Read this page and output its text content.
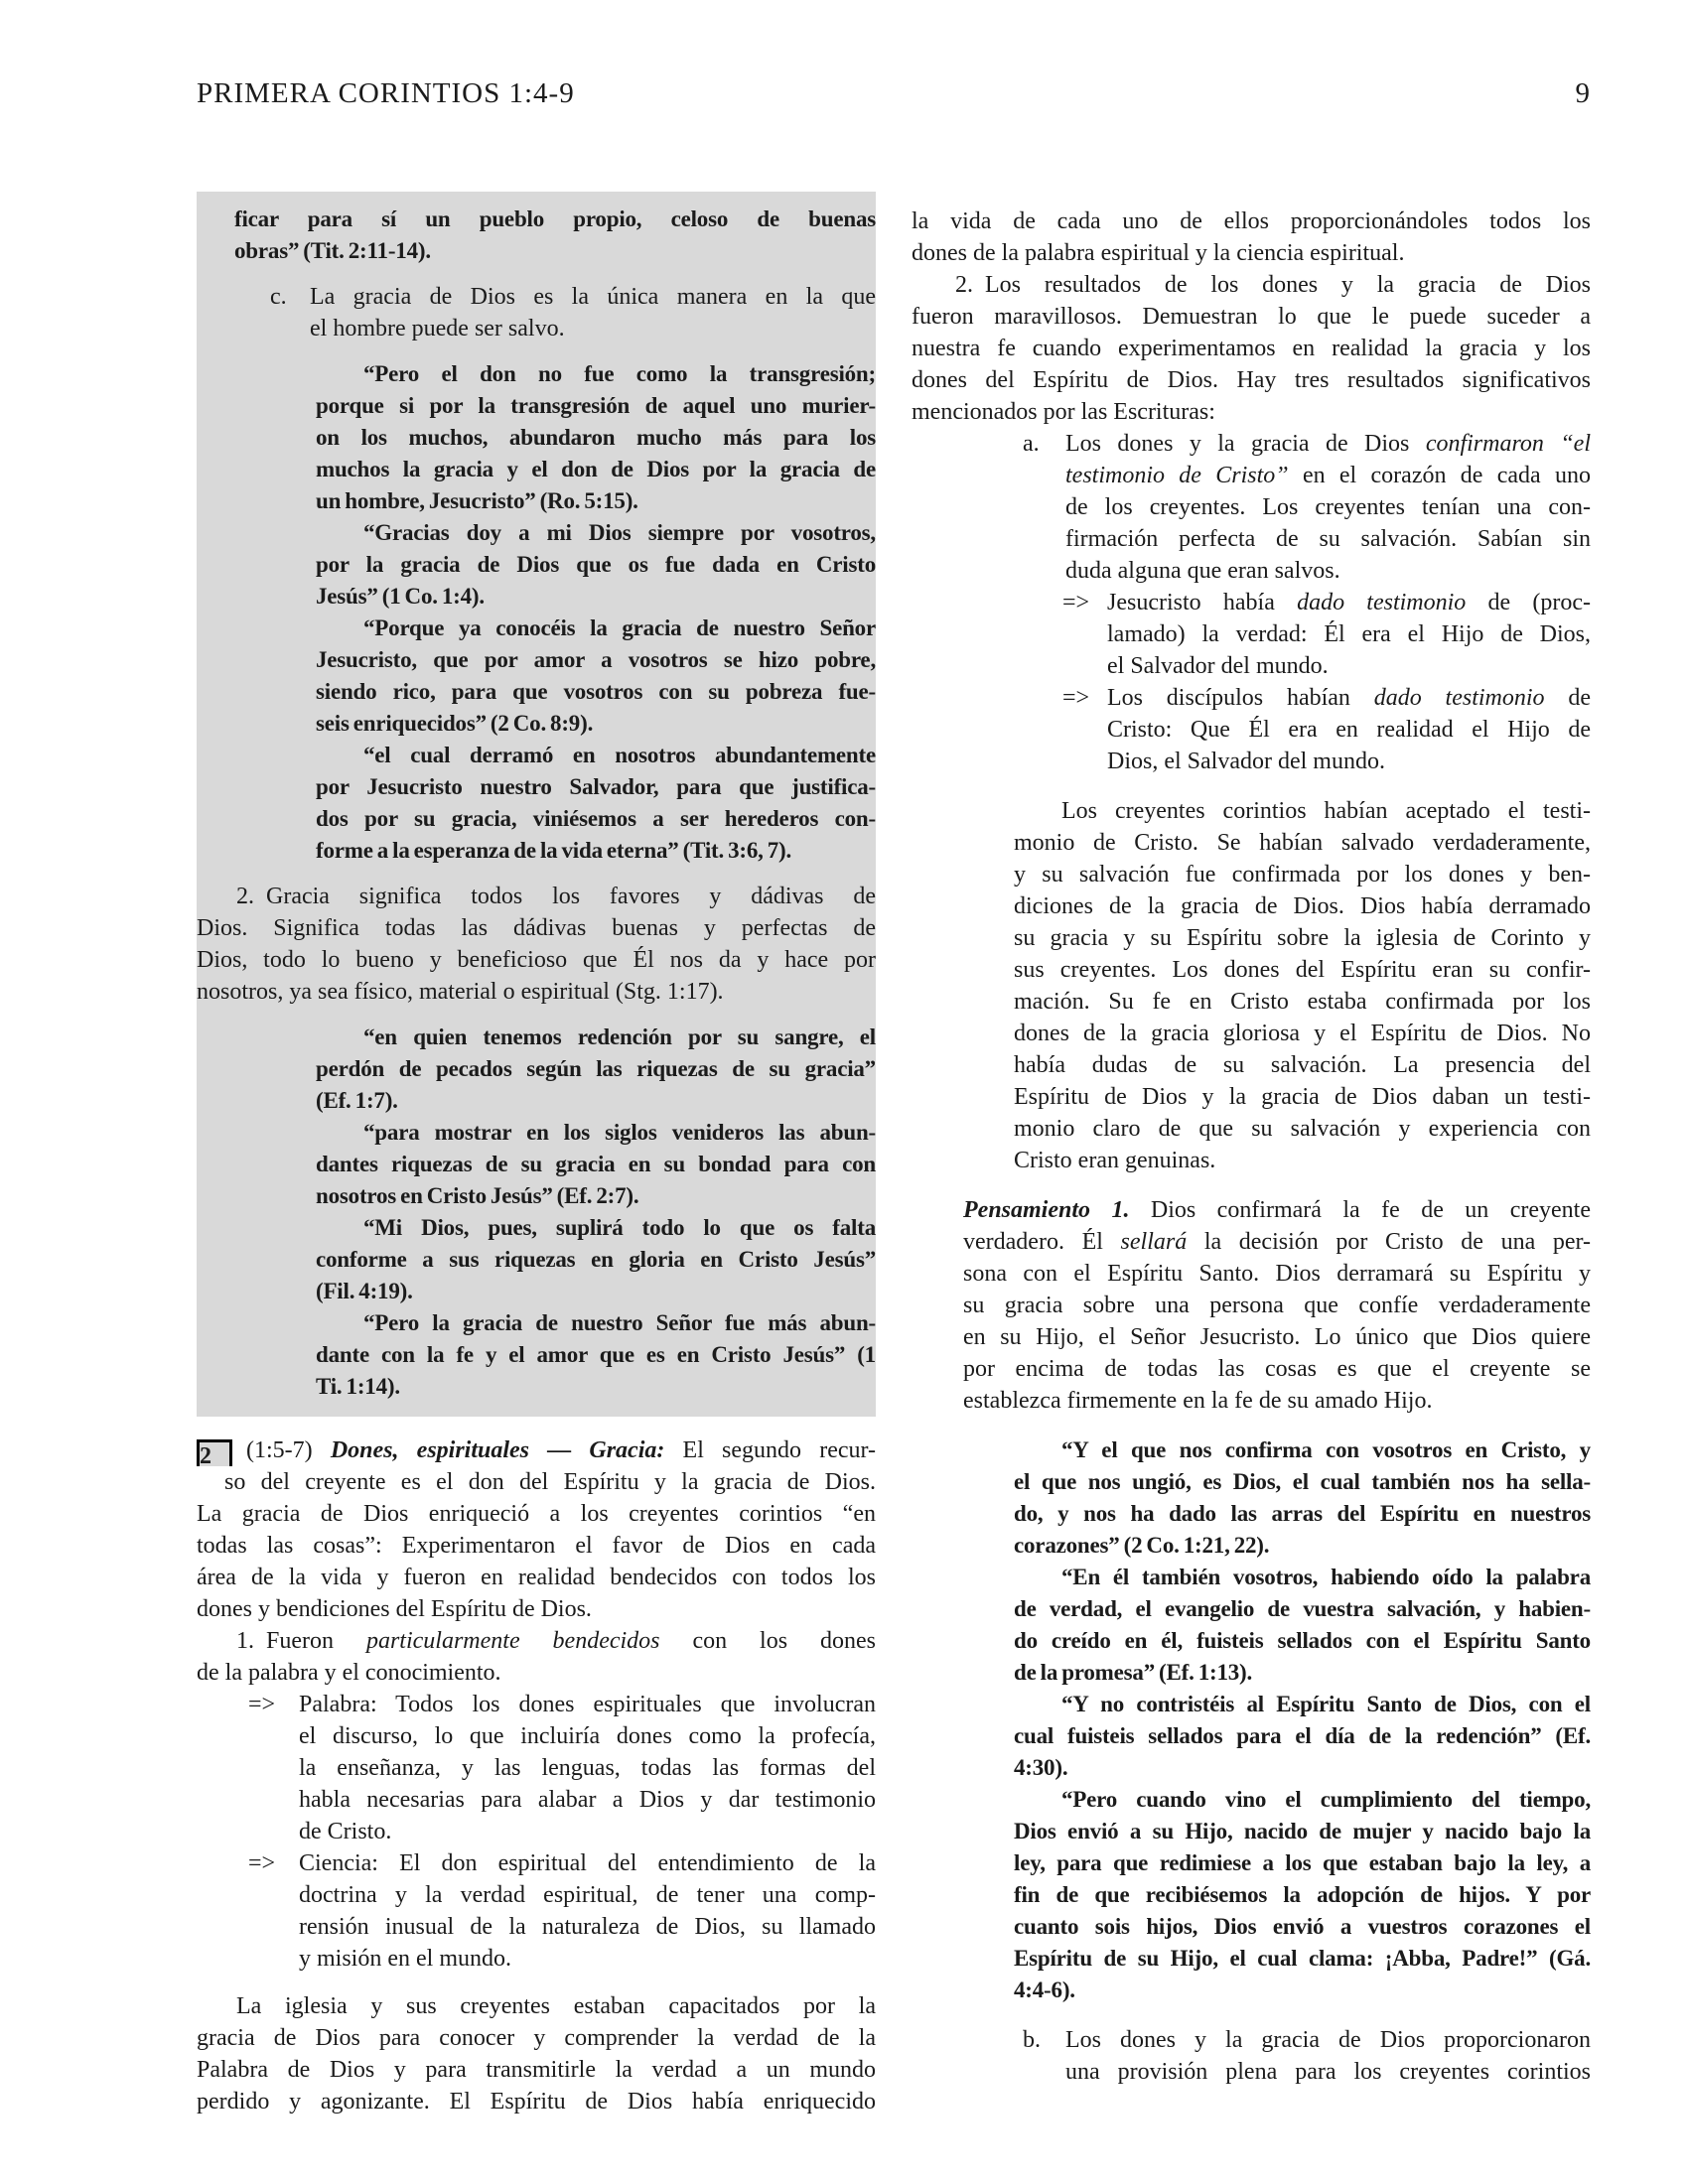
PRIMERA CORINTIOS 1:4-9	9
ficar para sí un pueblo propio, celoso de buenas
obras” (Tit. 2:11-14).
c. La gracia de Dios es la única manera en la que
el hombre puede ser salvo.
“Pero el don no fue como la transgresión;
porque si por la transgresión de aquel uno murier-
on los muchos, abundaron mucho más para los
muchos la gracia y el don de Dios por la gracia de
un hombre, Jesucristo” (Ro. 5:15).
“Gracias doy a mi Dios siempre por vosotros,
por la gracia de Dios que os fue dada en Cristo
Jesús” (1 Co. 1:4).
“Porque ya conocéis la gracia de nuestro Señor
Jesucristo, que por amor a vosotros se hizo pobre,
siendo rico, para que vosotros con su pobreza fue-
seis enriquecidos” (2 Co. 8:9).
“el cual derramó en nosotros abundantemente
por Jesucristo nuestro Salvador, para que justifica-
dos por su gracia, viniésemos a ser herederos con-
forme a la esperanza de la vida eterna” (Tit. 3:6, 7).
2. Gracia significa todos los favores y dádivas de
Dios. Significa todas las dádivas buenas y perfectas de
Dios, todo lo bueno y beneficioso que Él nos da y hace por
nosotros, ya sea físico, material o espiritual (Stg. 1:17).
“en quien tenemos redención por su sangre, el
perdón de pecados según las riquezas de su gracia”
(Ef. 1:7).
“para mostrar en los siglos venideros las abun-
dantes riquezas de su gracia en su bondad para con
nosotros en Cristo Jesús” (Ef. 2:7).
“Mi Dios, pues, suplirá todo lo que os falta
conforme a sus riquezas en gloria en Cristo Jesús”
(Fil. 4:19).
“Pero la gracia de nuestro Señor fue más abun-
dante con la fe y el amor que es en Cristo Jesús” (1
Ti. 1:14).
2 (1:5-7) Dones, espirituales — Gracia: El segundo recur-
so del creyente es el don del Espíritu y la gracia de Dios.
La gracia de Dios enriqueció a los creyentes corintios “en
todas las cosas”: Experimentaron el favor de Dios en cada
área de la vida y fueron en realidad bendecidos con todos los
dones y bendiciones del Espíritu de Dios.
1. Fueron particularmente bendecidos con los dones
de la palabra y el conocimiento.
=> Palabra: Todos los dones espirituales que involucran
el discurso, lo que incluiría dones como la profecía,
la enseñanza, y las lenguas, todas las formas del
habla necesarias para alabar a Dios y dar testimonio
de Cristo.
=> Ciencia: El don espiritual del entendimiento de la
doctrina y la verdad espiritual, de tener una comp-
rensión inusual de la naturaleza de Dios, su llamado
y misión en el mundo.
La iglesia y sus creyentes estaban capacitados por la
gracia de Dios para conocer y comprender la verdad de la
Palabra de Dios y para transmitirle la verdad a un mundo
perdido y agonizante. El Espíritu de Dios había enriquecido
la vida de cada uno de ellos proporcionándoles todos los
dones de la palabra espiritual y la ciencia espiritual.
2. Los resultados de los dones y la gracia de Dios
fueron maravillosos. Demuestran lo que le puede suceder a
nuestra fe cuando experimentamos en realidad la gracia y los
dones del Espíritu de Dios. Hay tres resultados significativos
mencionados por las Escrituras:
a.	Los dones y la gracia de Dios confirmaron “el
testimonio de Cristo” en el corazón de cada uno
de los creyentes. Los creyentes tenían una con-
firmación perfecta de su salvación. Sabían sin
duda alguna que eran salvos.
=> Jesucristo había dado testimonio de (proc-
lamado) la verdad: Él era el Hijo de Dios,
el Salvador del mundo.
=> Los discípulos habían dado testimonio de
Cristo: Que Él era en realidad el Hijo de
Dios, el Salvador del mundo.
Los creyentes corintios habían aceptado el testi-
monio de Cristo. Se habían salvado verdaderamente,
y su salvación fue confirmada por los dones y ben-
diciones de la gracia de Dios. Dios había derramado
su gracia y su Espíritu sobre la iglesia de Corinto y
sus creyentes. Los dones del Espíritu eran su confir-
mación. Su fe en Cristo estaba confirmada por los
dones de la gracia gloriosa y el Espíritu de Dios. No
había dudas de su salvación. La presencia del
Espíritu de Dios y la gracia de Dios daban un testi-
monio claro de que su salvación y experiencia con
Cristo eran genuinas.
Pensamiento 1. Dios confirmará la fe de un creyente
verdadero. Él sellará la decisión por Cristo de una per-
sona con el Espíritu Santo. Dios derramará su Espíritu y
su gracia sobre una persona que confíe verdaderamente
en su Hijo, el Señor Jesucristo. Lo único que Dios quiere
por encima de todas las cosas es que el creyente se
establezca firmemente en la fe de su amado Hijo.
“Y el que nos confirma con vosotros en Cristo, y
el que nos ungió, es Dios, el cual también nos ha sella-
do, y nos ha dado las arras del Espíritu en nuestros
corazones” (2 Co. 1:21, 22).
“En él también vosotros, habiendo oído la palabra
de verdad, el evangelio de vuestra salvación, y habien-
do creído en él, fuisteis sellados con el Espíritu Santo
de la promesa” (Ef. 1:13).
“Y no contristéis al Espíritu Santo de Dios, con el
cual fuisteis sellados para el día de la redención” (Ef.
4:30).
“Pero cuando vino el cumplimiento del tiempo,
Dios envió a su Hijo, nacido de mujer y nacido bajo la
ley, para que redimiese a los que estaban bajo la ley, a
fin de que recibiésemos la adopción de hijos. Y por
cuanto sois hijos, Dios envió a vuestros corazones el
Espíritu de su Hijo, el cual clama: ¡Abba, Padre!” (Gá.
4:4-6).
b.	Los dones y la gracia de Dios proporcionaron
una provisión plena para los creyentes corintios
